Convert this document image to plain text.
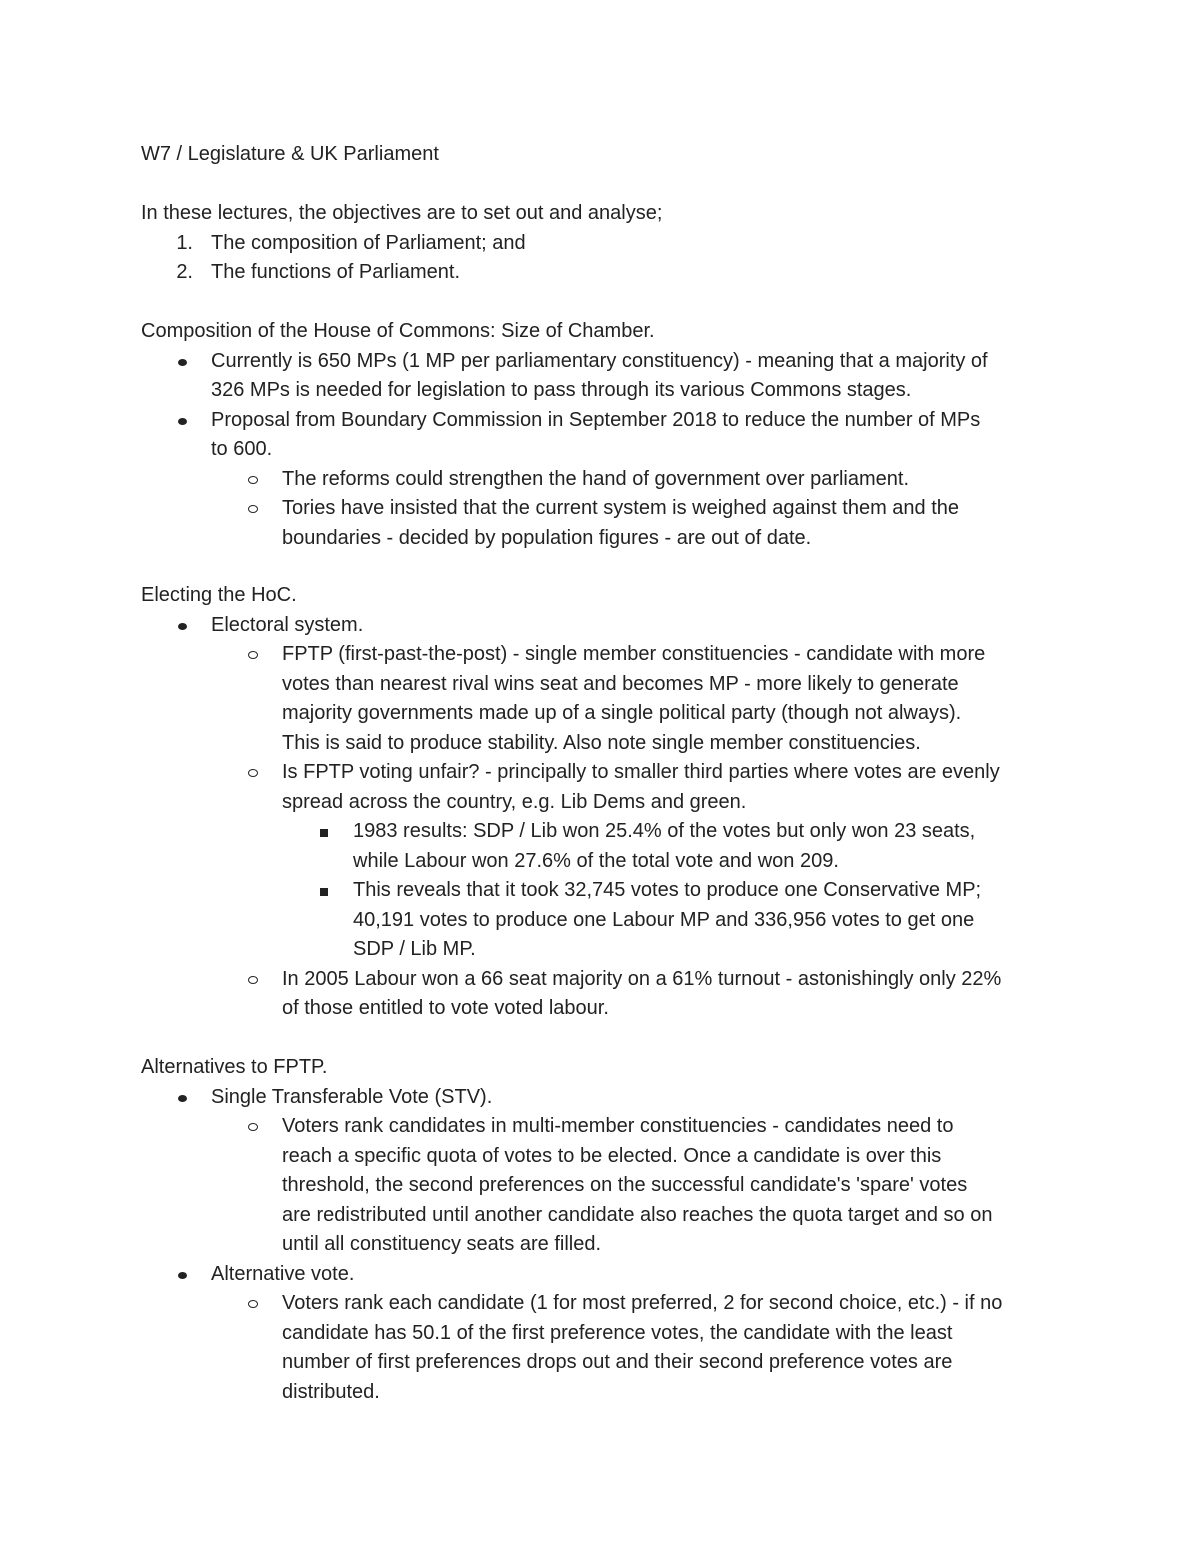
W7 / Legislature & UK Parliament
In these lectures, the objectives are to set out and analyse;
1. The composition of Parliament; and
2. The functions of Parliament.
Composition of the House of Commons: Size of Chamber.
Currently is 650 MPs (1 MP per parliamentary constituency) - meaning that a majority of
326 MPs is needed for legislation to pass through its various Commons stages.
Proposal from Boundary Commission in September 2018 to reduce the number of MPs
to 600.
The reforms could strengthen the hand of government over parliament.
Tories have insisted that the current system is weighed against them and the
boundaries - decided by population figures - are out of date.
Electing the HoC.
Electoral system.
FPTP (first-past-the-post) - single member constituencies - candidate with more
votes than nearest rival wins seat and becomes MP - more likely to generate
majority governments made up of a single political party (though not always).
This is said to produce stability. Also note single member constituencies.
Is FPTP voting unfair? - principally to smaller third parties where votes are evenly
spread across the country, e.g. Lib Dems and green.
1983 results: SDP / Lib won 25.4% of the votes but only won 23 seats,
while Labour won 27.6% of the total vote and won 209.
This reveals that it took 32,745 votes to produce one Conservative MP;
40,191 votes to produce one Labour MP and 336,956 votes to get one
SDP / Lib MP.
In 2005 Labour won a 66 seat majority on a 61% turnout - astonishingly only 22%
of those entitled to vote voted labour.
Alternatives to FPTP.
Single Transferable Vote (STV).
Voters rank candidates in multi-member constituencies - candidates need to
reach a specific quota of votes to be elected. Once a candidate is over this
threshold, the second preferences on the successful candidate's 'spare' votes
are redistributed until another candidate also reaches the quota target and so on
until all constituency seats are filled.
Alternative vote.
Voters rank each candidate (1 for most preferred, 2 for second choice, etc.) - if no
candidate has 50.1 of the first preference votes, the candidate with the least
number of first preferences drops out and their second preference votes are
distributed.
